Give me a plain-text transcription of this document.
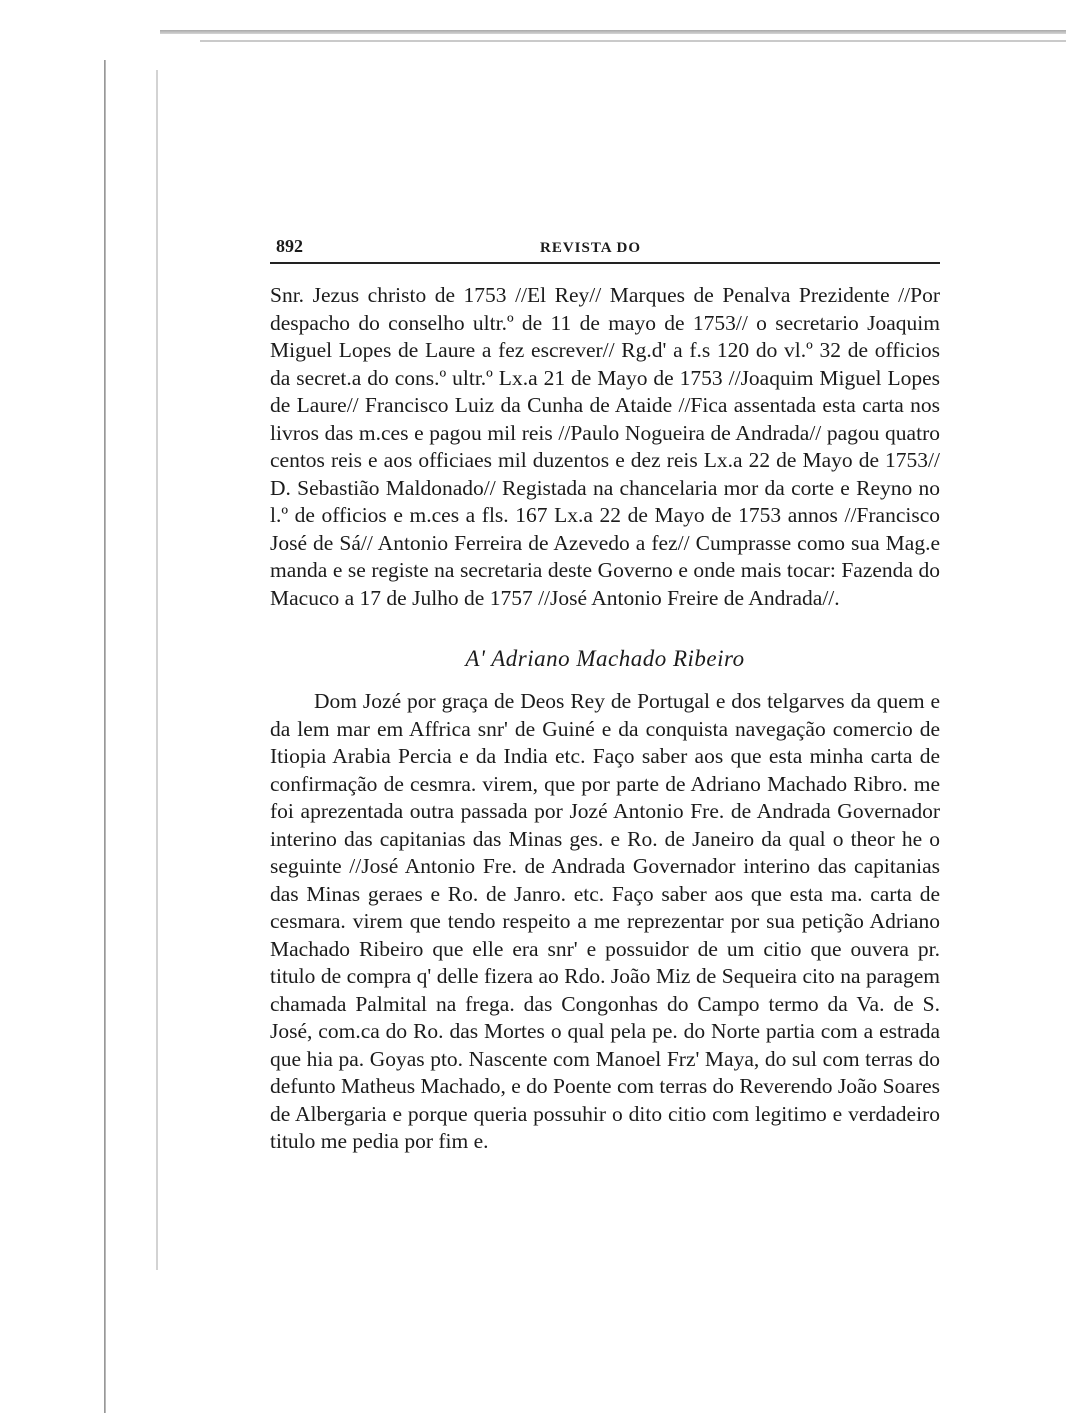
892	REVISTA DO

Snr. Jezus christo de 1753 //El Rey// Marques de Penalva Prezidente //Por despacho do conselho ultr.º de 11 de mayo de 1753// o secretario Joaquim Miguel Lopes de Laure a fez escrever// Rg.d' a f.s 120 do vl.º 32 de officios da secret.a do cons.º ultr.º Lx.a 21 de Mayo de 1753 //Joaquim Miguel Lopes de Laure// Francisco Luiz da Cunha de Ataide //Fica assentada esta carta nos livros das m.ces e pagou mil reis //Paulo Nogueira de Andrada// pagou quatro centos reis e aos officiaes mil duzentos e dez reis Lx.a 22 de Mayo de 1753// D. Sebastião Maldonado// Registada na chancelaria mor da corte e Reyno no l.º de officios e m.ces a fls. 167 Lx.a 22 de Mayo de 1753 annos //Francisco José de Sá// Antonio Ferreira de Azevedo a fez// Cumprasse como sua Mag.e manda e se registe na secretaria deste Governo e onde mais tocar: Fazenda do Macuco a 17 de Julho de 1757 //José Antonio Freire de Andrada//.

A' Adriano Machado Ribeiro

Dom Jozé por graça de Deos Rey de Portugal e dos telgarves da quem e da lem mar em Affrica snr' de Guiné e da conquista navegação comercio de Itiopia Arabia Percia e da India etc. Faço saber aos que esta minha carta de confirmação de cesmra. virem, que por parte de Adriano Machado Ribro. me foi aprezentada outra passada por Jozé Antonio Fre. de Andrada Governador interino das capitanias das Minas ges. e Ro. de Janeiro da qual o theor he o seguinte //José Antonio Fre. de Andrada Governador interino das capitanias das Minas geraes e Ro. de Janro. etc. Faço saber aos que esta ma. carta de cesmara. virem que tendo respeito a me reprezentar por sua petição Adriano Machado Ribeiro que elle era snr' e possuidor de um citio que ouvera pr. titulo de compra q' delle fizera ao Rdo. João Miz de Sequeira cito na paragem chamada Palmital na frega. das Congonhas do Campo termo da Va. de S. José, com.ca do Ro. das Mortes o qual pela pe. do Norte partia com a estrada que hia pa. Goyas pto. Nascente com Manoel Frz' Maya, do sul com terras do defunto Matheus Machado, e do Poente com terras do Reverendo João Soares de Albergaria e porque queria possuhir o dito citio com legitimo e verdadeiro titulo me pedia por fim e.
